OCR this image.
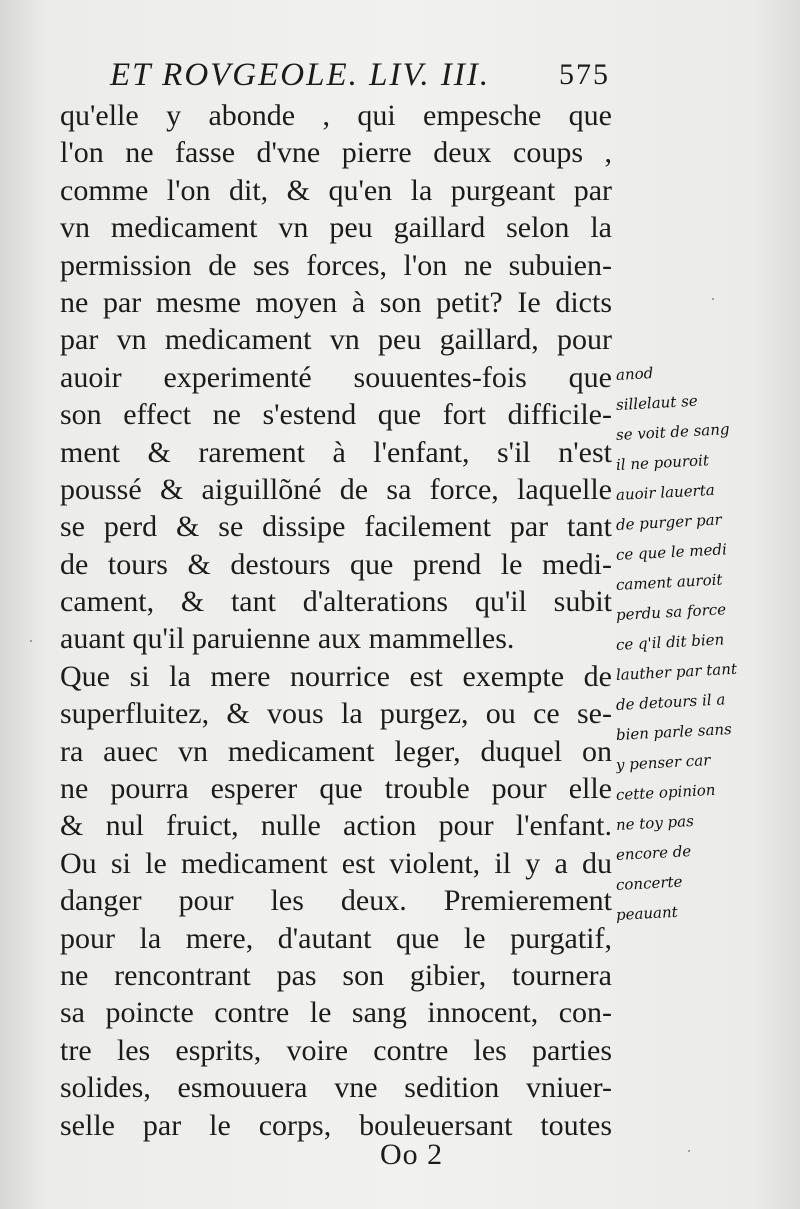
ET ROVGEOLE. LIV. III. 575
qu'elle y abonde , qui empesche que
l'on ne fasse d'vne pierre deux coups ,
comme l'on dit, & qu'en la purgeant par
vn medicament vn peu gaillard selon la
permission de ses forces, l'on ne subuien-
ne par mesme moyen à son petit? Ie dicts
par vn medicament vn peu gaillard, pour
auoir experimenté souuentes-fois que
son effect ne s'estend que fort difficile-
ment & rarement à l'enfant, s'il n'est
poussé & aiguillõné de sa force, laquelle
se perd & se dissipe facilement par tant
de tours & destours que prend le medi-
cament, & tant d'alterations qu'il subit
auant qu'il paruienne aux mammelles.
Que si la mere nourrice est exempte de
superfluitez, & vous la purgez, ou ce se-
ra auec vn medicament leger, duquel on
ne pourra esperer que trouble pour elle
& nul fruict, nulle action pour l'enfant.
Ou si le medicament est violent, il y a du
danger pour les deux. Premierement
pour la mere, d'autant que le purgatif,
ne rencontrant pas son gibier, tournera
sa poincte contre le sang innocent, con-
tre les esprits, voire contre les parties
solides, esmouuera vne sedition vniuer-
selle par le corps, bouleuersant toutes
anod
sillelaut se
se voit de sang
il ne pouroit
auoir lauerta
de purger par
ce que le medi
cament auroit
perdu sa force
ce q'il dit bien
lauther par tant
de detours il a
bien parle sans
y penser car
cette opinion
ne toy pas
encore de
concerte
peauant
Oo 2
